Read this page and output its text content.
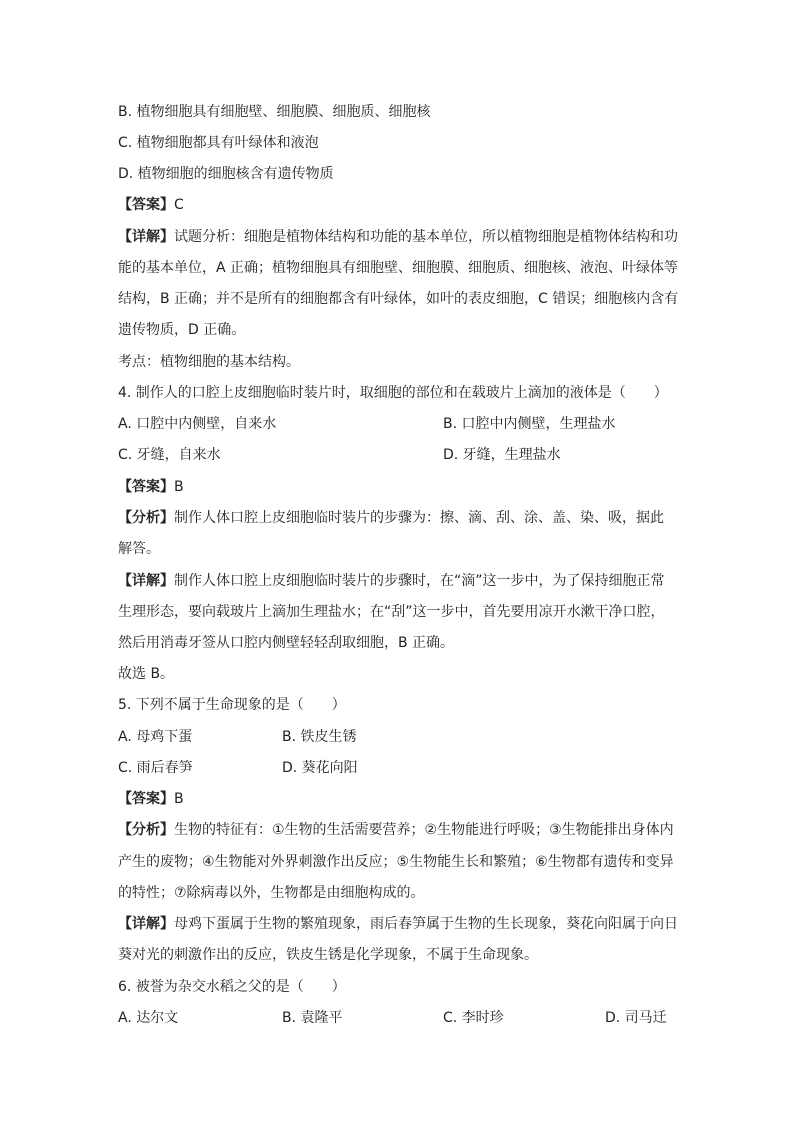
B. 植物细胞具有细胞壁、细胞膜、细胞质、细胞核
C. 植物细胞都具有叶绿体和液泡
D. 植物细胞的细胞核含有遗传物质
【答案】C
【详解】试题分析：细胞是植物体结构和功能的基本单位，所以植物细胞是植物体结构和功
能的基本单位，A 正确；植物细胞具有细胞壁、细胞膜、细胞质、细胞核、液泡、叶绿体等
结构，B 正确；并不是所有的细胞都含有叶绿体，如叶的表皮细胞，C 错误；细胞核内含有
遗传物质，D 正确。
考点：植物细胞的基本结构。
4. 制作人的口腔上皮细胞临时装片时，取细胞的部位和在载玻片上滴加的液体是（　　）
A. 口腔中内侧壁，自来水	B. 口腔中内侧壁，生理盐水
C. 牙缝，自来水	D. 牙缝，生理盐水
【答案】B
【分析】制作人体口腔上皮细胞临时装片的步骤为：擦、滴、刮、涂、盖、染、吸，据此
解答。
【详解】制作人体口腔上皮细胞临时装片的步骤时，在“滴”这一步中，为了保持细胞正常
生理形态，要向载玻片上滴加生理盐水；在“刮”这一步中，首先要用凉开水漱干净口腔，
然后用消毒牙签从口腔内侧壁轻轻刮取细胞，B 正确。
故选 B。
5. 下列不属于生命现象的是（　　）
A. 母鸡下蛋	B. 铁皮生锈
C. 雨后春笋	D. 葵花向阳
【答案】B
【分析】生物的特征有：①生物的生活需要营养；②生物能进行呼吸；③生物能排出身体内
产生的废物；④生物能对外界刺激作出反应；⑤生物能生长和繁殖；⑥生物都有遗传和变异
的特性；⑦除病毒以外，生物都是由细胞构成的。
【详解】母鸡下蛋属于生物的繁殖现象，雨后春笋属于生物的生长现象，葵花向阳属于向日
葵对光的刺激作出的反应，铁皮生锈是化学现象，不属于生命现象。
6. 被誉为杂交水稻之父的是（　　）
A. 达尔文	B. 袁隆平	C. 李时珍	D. 司马迁
